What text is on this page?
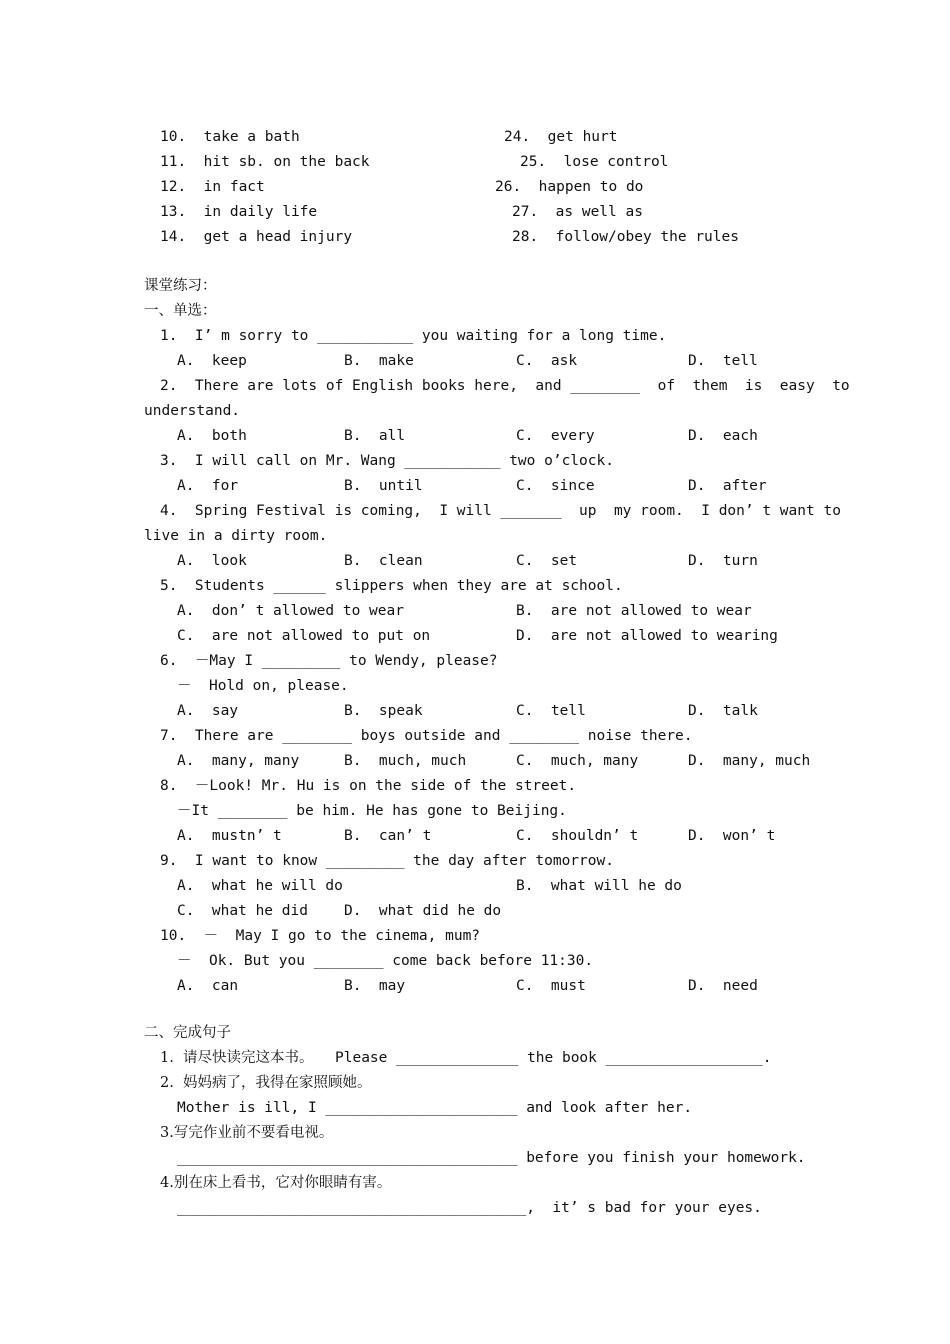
10.  take a bath	24.  get hurt
11.  hit sb. on the back	25.  lose control
12.  in fact	26.  happen to do
13.  in daily life	27.  as well as
14.  get a head injury	28.  follow/obey the rules
课堂练习：
一、单选：
1.  I’ m sorry to ___________ you waiting for a long time.
A.  keep	B.  make	C.  ask	D.  tell
2.  There are lots of English books here,  and ________  of  them  is  easy  to
understand.
A.  both	B.  all	C.  every	D.  each
3.  I will call on Mr. Wang ___________ two o’clock.
A.  for	B.  until	C.  since	D.  after
4.  Spring Festival is coming,  I will _______  up  my room.  I don’ t want to
live in a dirty room.
A.  look	B.  clean	C.  set	D.  turn
5.  Students ______ slippers when they are at school.
A.  don’ t allowed to wear	B.  are not allowed to wear
C.  are not allowed to put on	D.  are not allowed to wearing
6.  －May I _________ to Wendy, please?
－  Hold on, please.
A.  say	B.  speak	C.  tell	D.  talk
7.  There are ________ boys outside and ________ noise there.
A.  many, many	B.  much, much	C.  much, many	D.  many, much
8.  －Look! Mr. Hu is on the side of the street.
－It ________ be him. He has gone to Beijing.
A.  mustn’ t	B.  can’ t	C.  shouldn’ t	D.  won’ t
9.  I want to know _________ the day after tomorrow.
A.  what he will do	B.  what will he do
C.  what he did D.  what did he do
10.  －  May I go to the cinema, mum?
－  Ok. But you ________ come back before 11:30.
A.  can	B.  may	C.  must	D.  need
二、完成句子
1.  请尽快读完这本书。 Please ______________ the book __________________.
2.  妈妈病了，我得在家照顾她。
Mother is ill, I ______________________ and look after her.
3.写完作业前不要看电视。
_______________________________________ before you finish your homework.
4.别在床上看书，它对你眼睛有害。
________________________________________,  it’ s bad for your eyes.
